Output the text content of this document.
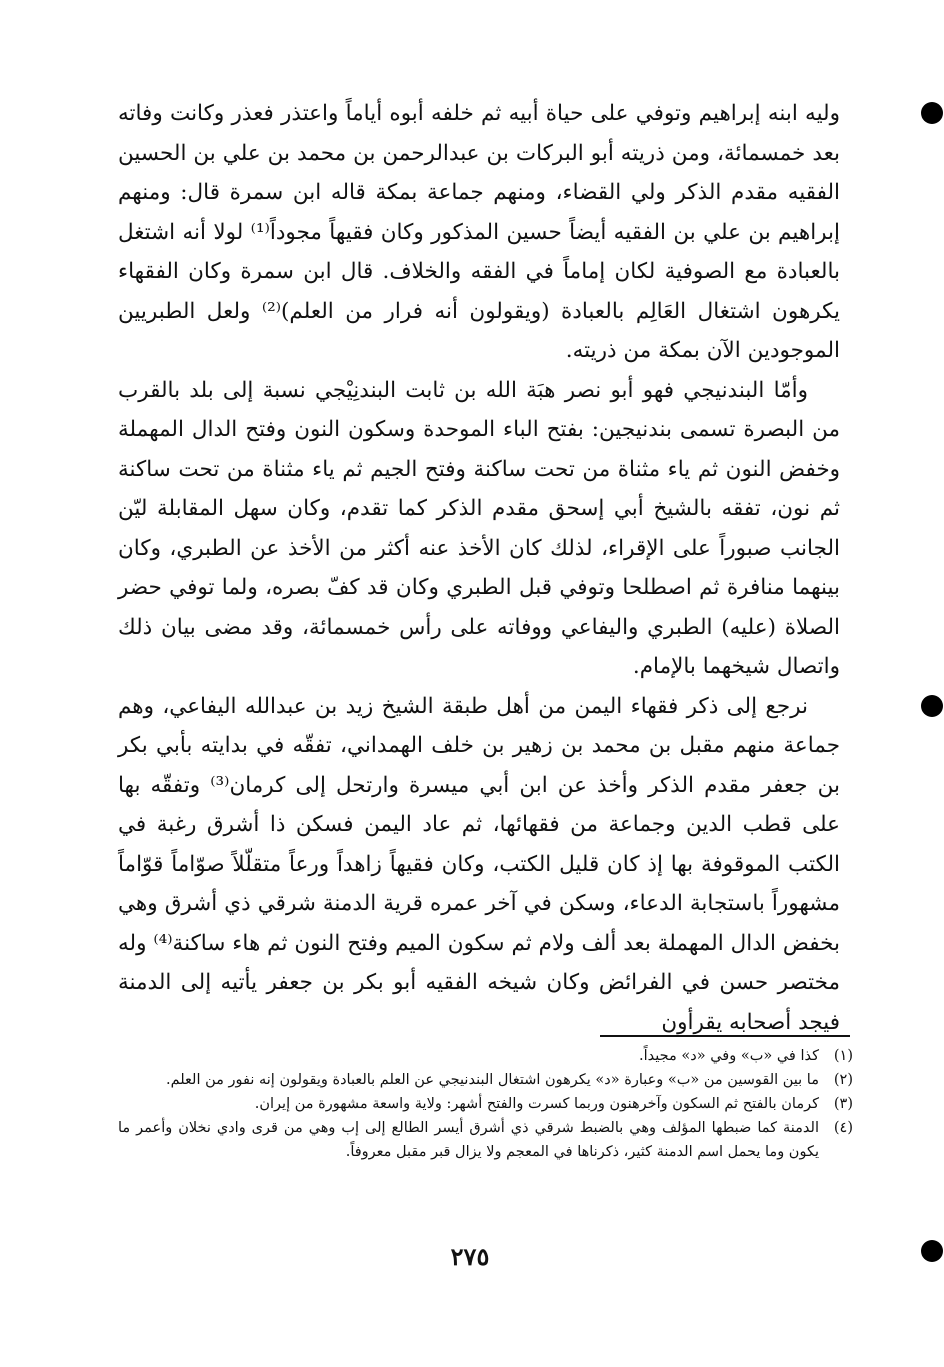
وليه ابنه إبراهيم وتوفي على حياة أبيه ثم خلفه أبوه أياماً واعتذر فعذر وكانت وفاته بعد خمسمائة، ومن ذريته أبو البركات بن عبدالرحمن بن محمد بن علي بن الحسين الفقيه مقدم الذكر ولي القضاء، ومنهم جماعة بمكة قاله ابن سمرة قال: ومنهم إبراهيم بن علي بن الفقيه أيضاً حسين المذكور وكان فقيهاً مجوداً⁽¹⁾ لولا أنه اشتغل بالعبادة مع الصوفية لكان إماماً في الفقه والخلاف. قال ابن سمرة وكان الفقهاء يكرهون اشتغال العَالِم بالعبادة (ويقولون أنه فرار من العلم)⁽²⁾ ولعل الطبريين الموجودين الآن بمكة من ذريته.

وأمّا البندنيجي فهو أبو نصر هبَة الله بن ثابت البندنِيْجي نسبة إلى بلد بالقرب من البصرة تسمى بندنيجين: بفتح الباء الموحدة وسكون النون وفتح الدال المهملة وخفض النون ثم ياء مثناة من تحت ساكنة وفتح الجيم ثم ياء مثناة من تحت ساكنة ثم نون، تفقه بالشيخ أبي إسحق مقدم الذكر كما تقدم، وكان سهل المقابلة ليّن الجانب صبوراً على الإقراء، لذلك كان الأخذ عنه أكثر من الأخذ عن الطبري، وكان بينهما منافرة ثم اصطلحا وتوفي قبل الطبري وكان قد كفّ بصره، ولما توفي حضر الصلاة (عليه) الطبري واليفاعي ووفاته على رأس خمسمائة، وقد مضى بيان ذلك واتصال شيخهما بالإمام.

نرجع إلى ذكر فقهاء اليمن من أهل طبقة الشيخ زيد بن عبدالله اليفاعي، وهم جماعة منهم مقبل بن محمد بن زهير بن خلف الهمداني، تفقّه في بدايته بأبي بكر بن جعفر مقدم الذكر وأخذ عن ابن أبي ميسرة وارتحل إلى كرمان⁽³⁾ وتفقّه بها على قطب الدين وجماعة من فقهائها، ثم عاد اليمن فسكن ذا أشرق رغبة في الكتب الموقوفة بها إذ كان قليل الكتب، وكان فقيهاً زاهداً ورعاً متقلّلاً صوّاماً قوّاماً مشهوراً باستجابة الدعاء، وسكن في آخر عمره قرية الدمنة شرقي ذي أشرق وهي بخفض الدال المهملة بعد ألف ولام ثم سكون الميم وفتح النون ثم هاء ساكنة⁽⁴⁾ وله مختصر حسن في الفرائض وكان شيخه الفقيه أبو بكر بن جعفر يأتيه إلى الدمنة فيجد أصحابه يقرأون

(١)
كذا في «ب» وفي «د» مجيداً.
(٢)
ما بين القوسين من «ب» وعبارة «د» يكرهون اشتغال البندنيجي عن العلم بالعبادة ويقولون إنه نفور من العلم.
(٣)
كرمان بالفتح ثم السكون وآخرهنون وربما كسرت والفتح أشهر: ولاية واسعة مشهورة من إيران.
(٤)
الدمنة كما ضبطها المؤلف وهي بالضبط شرقي ذي أشرق أيسر الطالع إلى إب وهي من قرى وادي نخلان وأعمر ما يكون وما يحمل اسم الدمنة كثير، ذكرناها في المعجم ولا يزال قبر مقبل معروفاً.
٢٧٥
